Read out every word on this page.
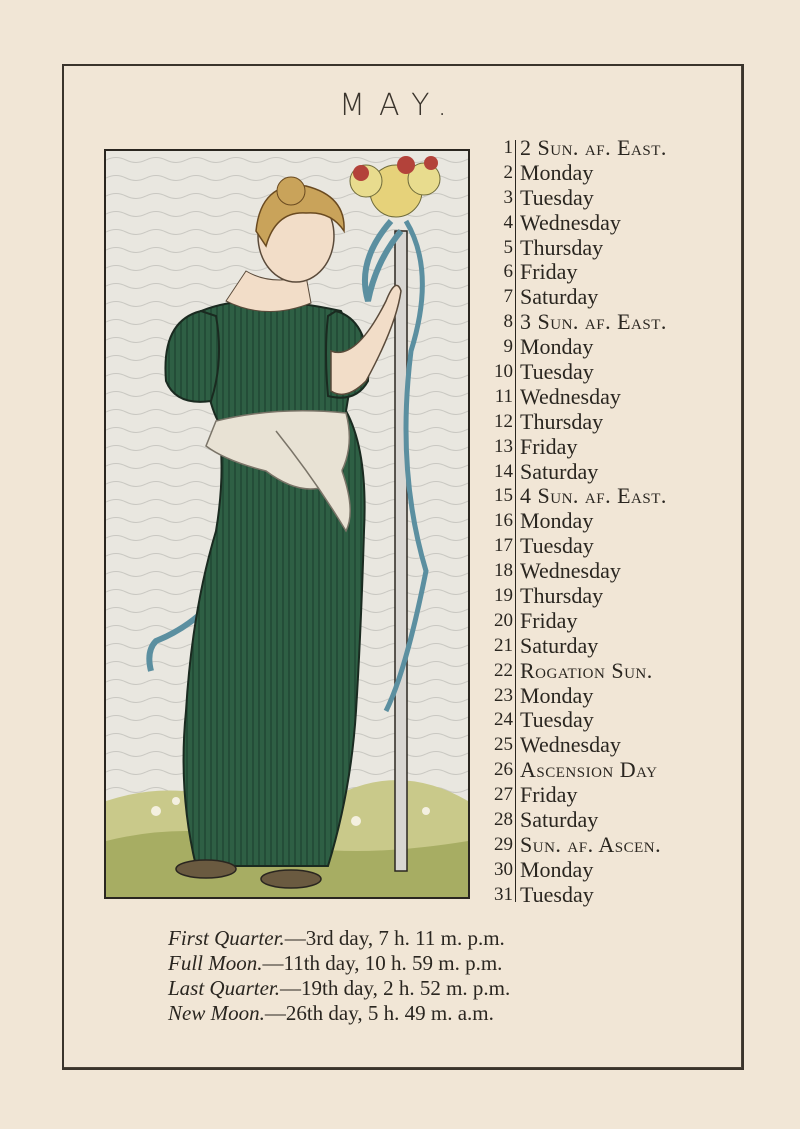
MAY.
1 2 Sun. af. East.
2 Monday
3 Tuesday
4 Wednesday
5 Thursday
6 Friday
7 Saturday
8 3 Sun. af. East.
9 Monday
10 Tuesday
11 Wednesday
12 Thursday
13 Friday
14 Saturday
15 4 Sun. af. East.
16 Monday
17 Tuesday
18 Wednesday
19 Thursday
20 Friday
21 Saturday
22 Rogation Sun.
23 Monday
24 Tuesday
25 Wednesday
26 Ascension Day
27 Friday
28 Saturday
29 Sun. af. Ascen.
30 Monday
31 Tuesday
First Quarter.—3rd day, 7 h. 11 m. p.m.
Full Moon.—11th day, 10 h. 59 m. p.m.
Last Quarter.—19th day, 2 h. 52 m. p.m.
New Moon.—26th day, 5 h. 49 m. a.m.
